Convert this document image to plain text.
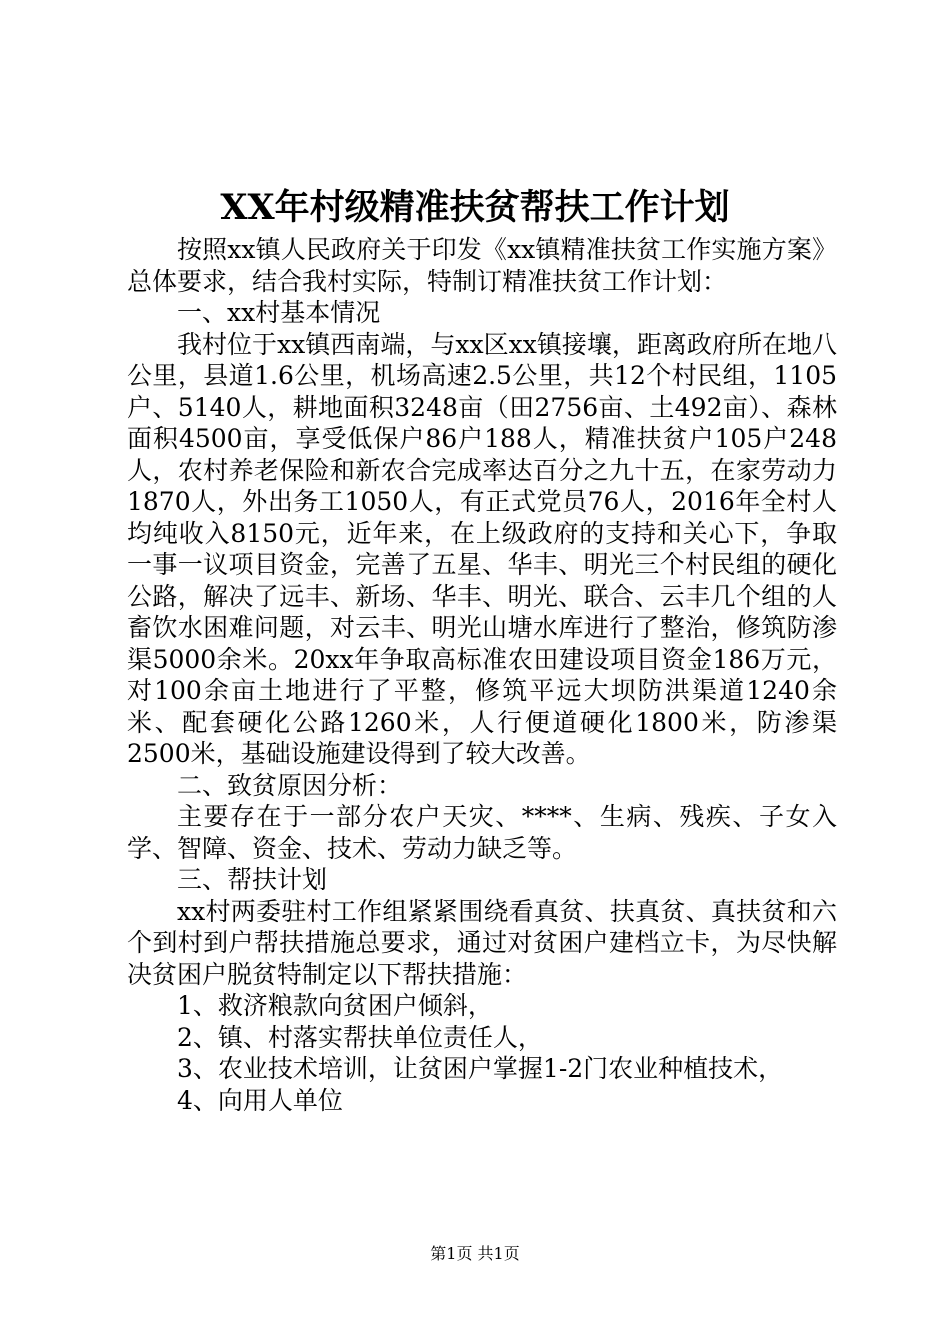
XX年村级精准扶贫帮扶工作计划

按照xx镇人民政府关于印发《xx镇精准扶贫工作实施方案》总体要求，结合我村实际，特制订精准扶贫工作计划：

一、xx村基本情况

我村位于xx镇西南端，与xx区xx镇接壤，距离政府所在地八公里，县道1.6公里，机场高速2.5公里，共12个村民组，1105户、5140人，耕地面积3248亩（田2756亩、土492亩）、森林面积4500亩，享受低保户86户188人，精准扶贫户105户248人，农村养老保险和新农合完成率达百分之九十五，在家劳动力1870人，外出务工1050人，有正式党员76人，2016年全村人均纯收入8150元，近年来，在上级政府的支持和关心下，争取一事一议项目资金，完善了五星、华丰、明光三个村民组的硬化公路，解决了远丰、新场、华丰、明光、联合、云丰几个组的人畜饮水困难问题，对云丰、明光山塘水库进行了整治，修筑防渗渠5000余米。20xx年争取高标准农田建设项目资金186万元，对100余亩土地进行了平整，修筑平远大坝防洪渠道1240余米、配套硬化公路1260米，人行便道硬化1800米，防渗渠2500米，基础设施建设得到了较大改善。

二、致贫原因分析：

主要存在于一部分农户天灾、****、生病、残疾、子女入学、智障、资金、技术、劳动力缺乏等。

三、帮扶计划

xx村两委驻村工作组紧紧围绕看真贫、扶真贫、真扶贫和六个到村到户帮扶措施总要求，通过对贫困户建档立卡，为尽快解决贫困户脱贫特制定以下帮扶措施：

1、救济粮款向贫困户倾斜，

2、镇、村落实帮扶单位责任人，

3、农业技术培训，让贫困户掌握1-2门农业种植技术，

4、向用人单位

第1页 共1页
